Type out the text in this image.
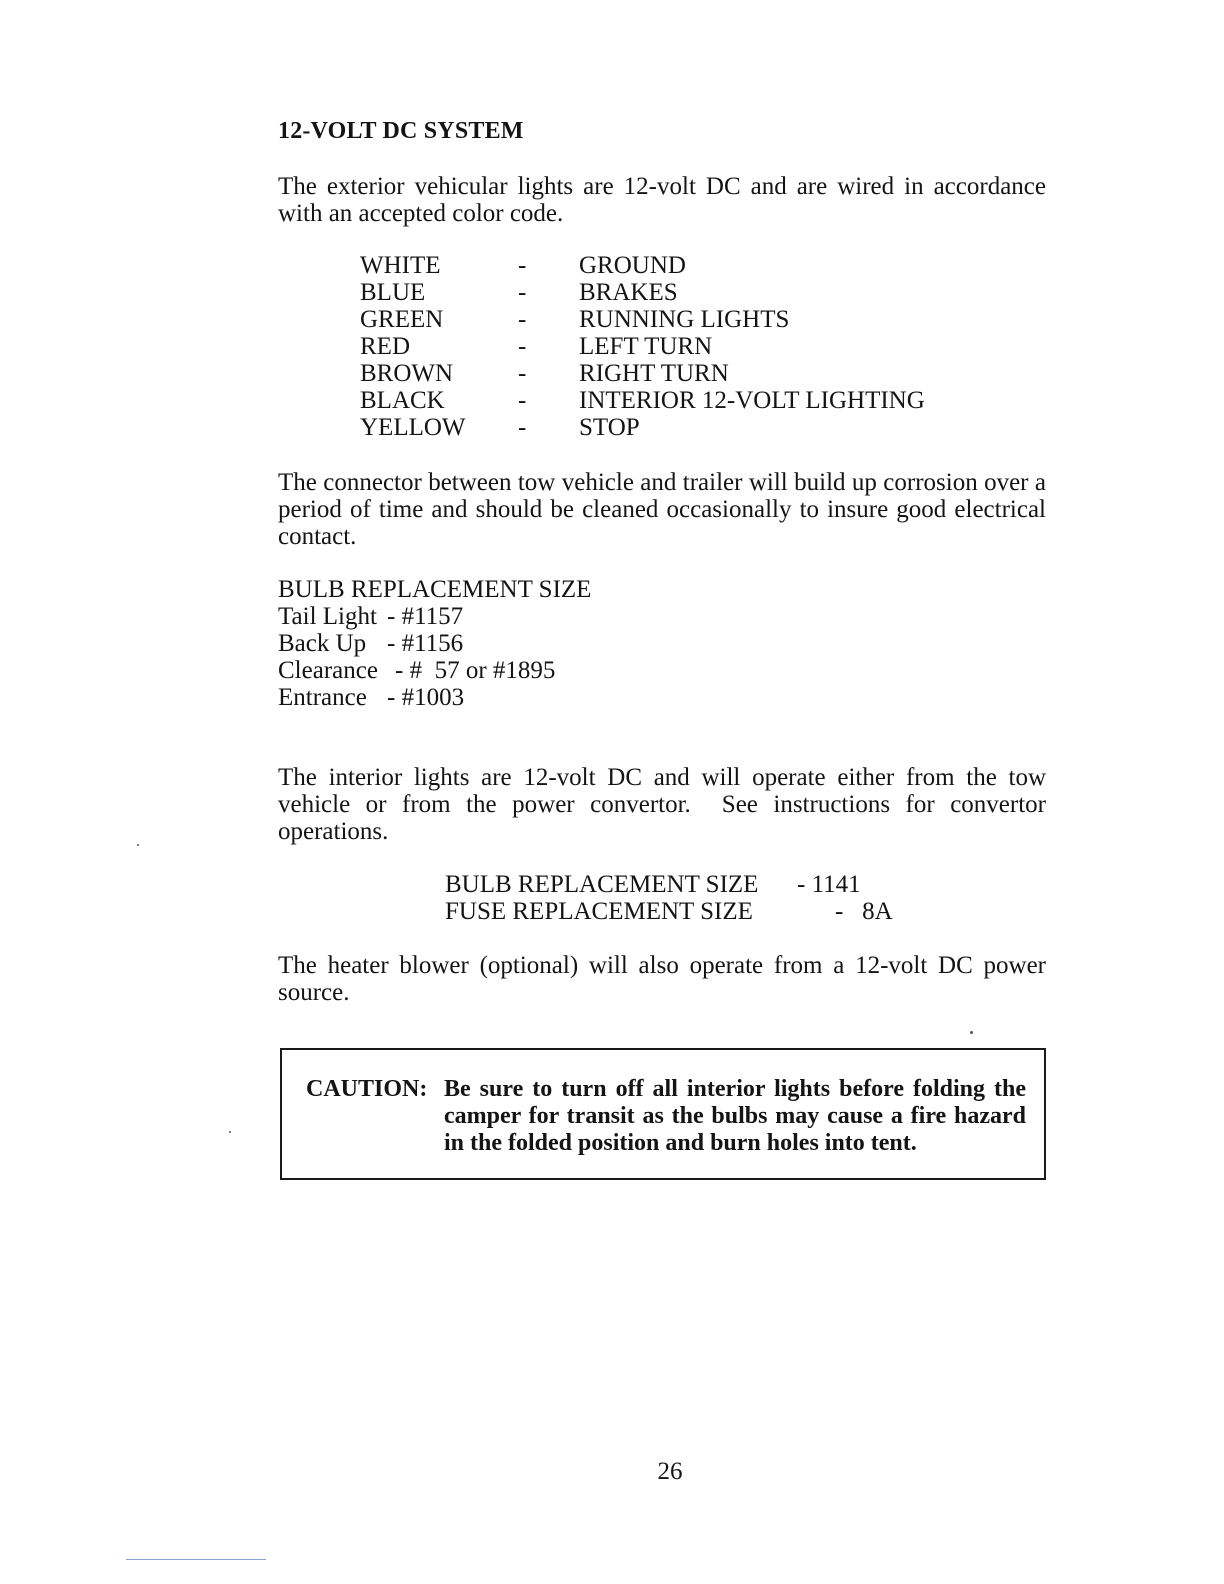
12-VOLT DC SYSTEM

The exterior vehicular lights are 12-volt DC and are wired in accordance with an accepted color code.

WHITE	-	GROUND
BLUE	-	BRAKES
GREEN	-	RUNNING LIGHTS
RED	-	LEFT TURN
BROWN	-	RIGHT TURN
BLACK	-	INTERIOR 12-VOLT LIGHTING
YELLOW	-	STOP

The connector between tow vehicle and trailer will build up corrosion over a period of time and should be cleaned occasionally to insure good electrical contact.

BULB REPLACEMENT SIZE
Tail Light - #1157
Back Up - #1156
Clearance - #  57 or #1895
Entrance - #1003

The interior lights are 12-volt DC and will operate either from the tow vehicle or from the power convertor.  See instructions for convertor operations.

BULB REPLACEMENT SIZE - 1141
FUSE REPLACEMENT SIZE	-   8A

The heater blower (optional) will also operate from a 12-volt DC power source.

CAUTION: Be sure to turn off all interior lights before folding the camper for transit as the bulbs may cause a fire hazard in the folded position and burn holes into tent.
26
